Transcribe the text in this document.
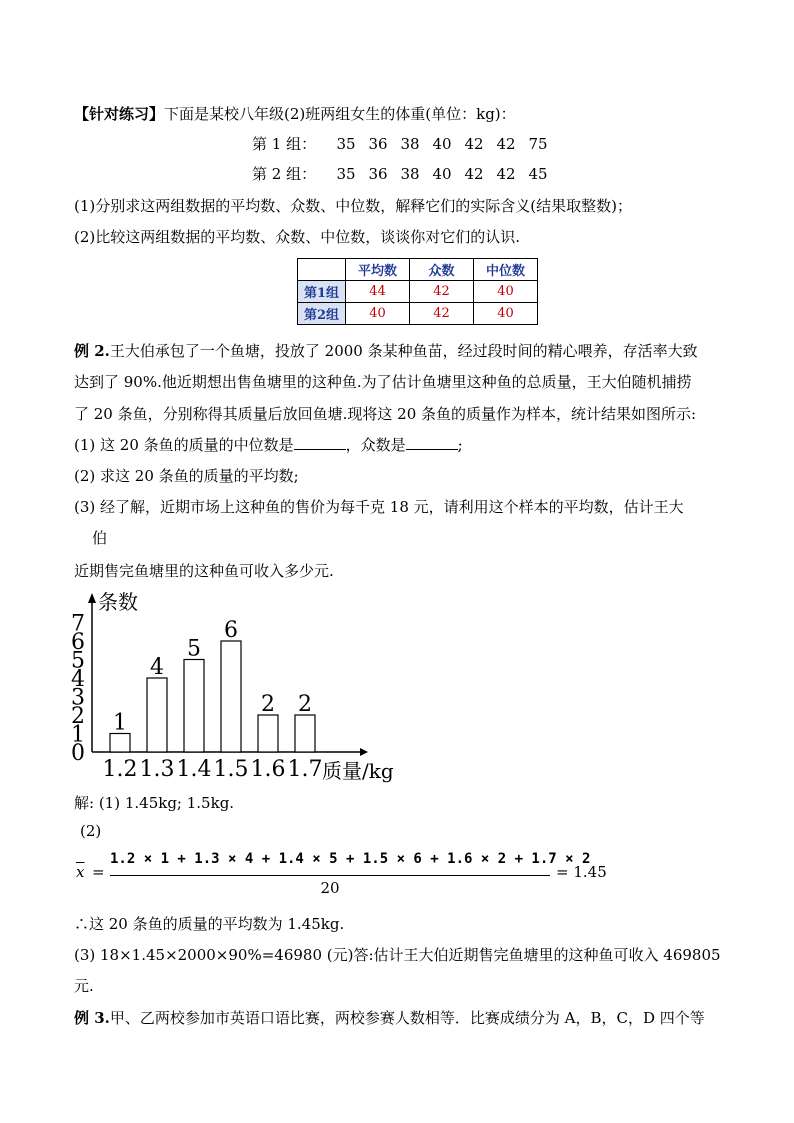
【针对练习】下面是某校八年级(2)班两组女生的体重(单位：kg)：
第 1 组： 35 36 38 40 42 42 75
第 2 组： 35 36 38 40 42 42 45
(1)分别求这两组数据的平均数、众数、中位数，解释它们的实际含义(结果取整数)；
(2)比较这两组数据的平均数、众数、中位数，谈谈你对它们的认识.
	平均数	众数	中位数
第1组	44	42	40
第2组	40	42	40
例 2.王大伯承包了一个鱼塘，投放了 2000 条某种鱼苗，经过段时间的精心喂养，存活率大致
达到了 90%.他近期想出售鱼塘里的这种鱼.为了估计鱼塘里这种鱼的总质量，王大伯随机捕捞
了 20 条鱼，分别称得其质量后放回鱼塘.现将这 20 条鱼的质量作为样本，统计结果如图所示:
(1) 这 20 条鱼的质量的中位数是	，众数是	;
(2) 求这 20 条鱼的质量的平均数;
(3) 经了解，近期市场上这种鱼的售价为每千克 18 元，请利用这个样本的平均数，估计王大
伯
近期售完鱼塘里的这种鱼可收入多少元.
条数
0
1
2
3
4
5
6
7
1
1.2
4
1.3
5
1.4
6
1.5
2
1.6
2
1.7 质量/kg
解: (1) 1.45kg; 1.5kg.
(2)
$\overline{x}$ =
1.2 × 1 + 1.3 × 4 + 1.4 × 5 + 1.5 × 6 + 1.6 × 2 + 1.7 × 2
20
= 1.45
∴这 20 条鱼的质量的平均数为 1.45kg.
(3) 18×1.45×2000×90%=46980 (元)答:估计王大伯近期售完鱼塘里的这种鱼可收入 469805
元.
例 3.甲、乙两校参加市英语口语比赛，两校参赛人数相等．比赛成绩分为 A，B，C，D 四个等
